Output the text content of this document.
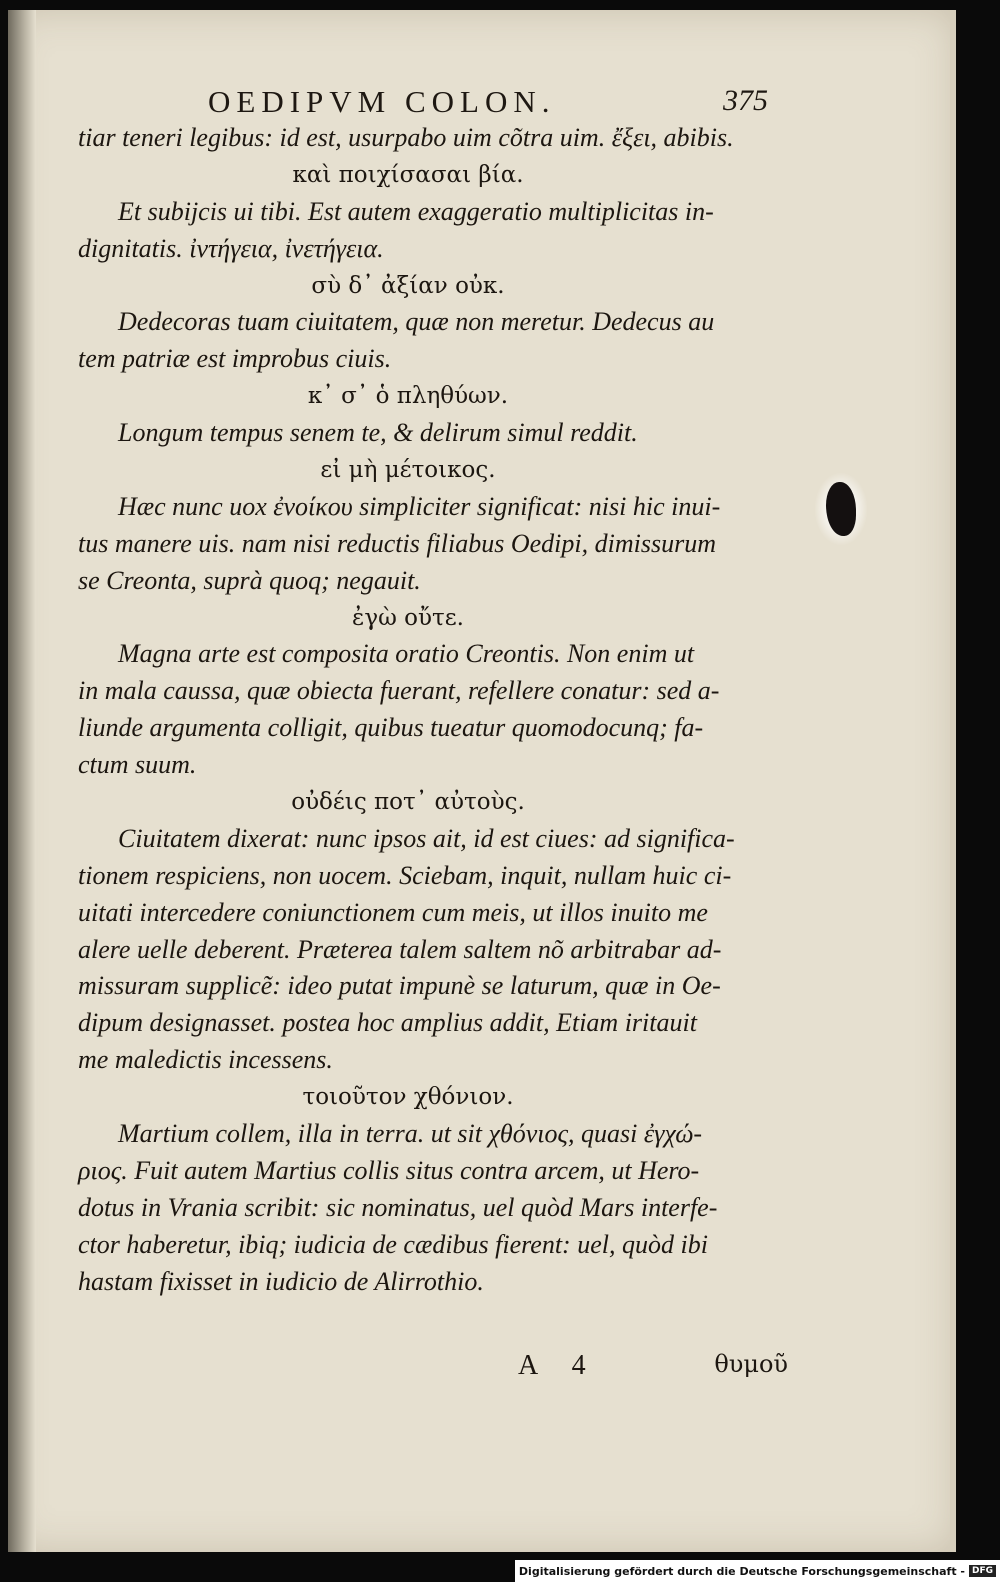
OEDIPVM COLON.	375
tiar teneri legibus: id est, usurpabo uim cõtra uim. ἔξει, abibis.
καὶ ποιχίσασαι βία.
Et subijcis ui tibi. Est autem exaggeratio multiplicitas in-
dignitatis. ἰντήγεια, ἰνετήγεια.
σὺ δ᾽ ἀξίαν οὐκ.
Dedecoras tuam ciuitatem, quæ non meretur. Dedecus au
tem patriæ est improbus ciuis.
κ᾽ σ᾽ ὁ πληθύων.
Longum tempus senem te, & delirum simul reddit.
εἰ μὴ μέτοικος.
Hæc nunc uox ἐνοίκου simpliciter significat: nisi hic inui-
tus manere uis. nam nisi reductis filiabus Oedipi, dimissurum
se Creonta, suprà quoq; negauit.
ἐγὼ οὔτε.
Magna arte est composita oratio Creontis. Non enim ut
in mala caussa, quæ obiecta fuerant, refellere conatur: sed a-
liunde argumenta colligit, quibus tueatur quomodocunq; fa-
ctum suum.
οὐδέις ποτ᾽ αὐτοὺς.
Ciuitatem dixerat: nunc ipsos ait, id est ciues: ad significa-
tionem respiciens, non uocem. Sciebam, inquit, nullam huic ci-
uitati intercedere coniunctionem cum meis, ut illos inuito me
alere uelle deberent. Præterea talem saltem nõ arbitrabar ad-
missuram supplicẽ: ideo putat impunè se laturum, quæ in Oe-
dipum designasset. postea hoc amplius addit, Etiam iritauit
me maledictis incessens.
τοιοῦτον χθόνιον.
Martium collem, illa in terra. ut sit χθόνιος, quasi ἐγχώ-
ριος. Fuit autem Martius collis situs contra arcem, ut Hero-
dotus in Vrania scribit: sic nominatus, uel quòd Mars interfe-
ctor haberetur, ibiq; iudicia de cædibus fierent: uel, quòd ibi
hastam fixisset in iudicio de Alirrothio.
A 4	θυμοῦ
Digitalisierung gefördert durch die Deutsche Forschungsgemeinschaft - DFG
